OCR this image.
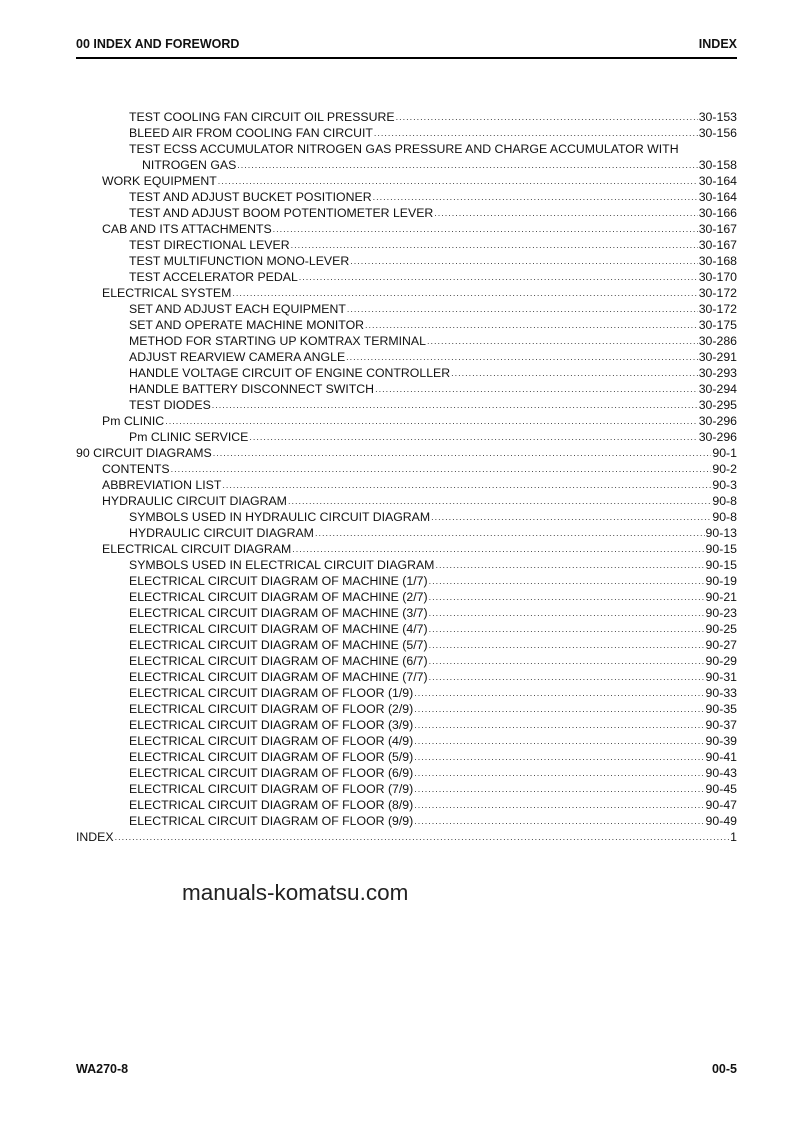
00 INDEX AND FOREWORD	INDEX
TEST COOLING FAN CIRCUIT OIL PRESSURE .....	30-153
BLEED AIR FROM COOLING FAN CIRCUIT .....	30-156
TEST ECSS ACCUMULATOR NITROGEN GAS PRESSURE AND CHARGE ACCUMULATOR WITH
NITROGEN GAS .....	30-158
WORK EQUIPMENT .....	30-164
TEST AND ADJUST BUCKET POSITIONER .....	30-164
TEST AND ADJUST BOOM POTENTIOMETER LEVER .....	30-166
CAB AND ITS ATTACHMENTS .....	30-167
TEST DIRECTIONAL LEVER .....	30-167
TEST MULTIFUNCTION MONO-LEVER .....	30-168
TEST ACCELERATOR PEDAL .....	30-170
ELECTRICAL SYSTEM .....	30-172
SET AND ADJUST EACH EQUIPMENT .....	30-172
SET AND OPERATE MACHINE MONITOR .....	30-175
METHOD FOR STARTING UP KOMTRAX TERMINAL .....	30-286
ADJUST REARVIEW CAMERA ANGLE .....	30-291
HANDLE VOLTAGE CIRCUIT OF ENGINE CONTROLLER .....	30-293
HANDLE BATTERY DISCONNECT SWITCH .....	30-294
TEST DIODES .....	30-295
Pm CLINIC .....	30-296
Pm CLINIC SERVICE .....	30-296
90 CIRCUIT DIAGRAMS .....	90-1
CONTENTS .....	90-2
ABBREVIATION LIST .....	90-3
HYDRAULIC CIRCUIT DIAGRAM .....	90-8
SYMBOLS USED IN HYDRAULIC CIRCUIT DIAGRAM .....	90-8
HYDRAULIC CIRCUIT DIAGRAM .....	90-13
ELECTRICAL CIRCUIT DIAGRAM .....	90-15
SYMBOLS USED IN ELECTRICAL CIRCUIT DIAGRAM .....	90-15
ELECTRICAL CIRCUIT DIAGRAM OF MACHINE (1/7) .....	90-19
ELECTRICAL CIRCUIT DIAGRAM OF MACHINE (2/7) .....	90-21
ELECTRICAL CIRCUIT DIAGRAM OF MACHINE (3/7) .....	90-23
ELECTRICAL CIRCUIT DIAGRAM OF MACHINE (4/7) .....	90-25
ELECTRICAL CIRCUIT DIAGRAM OF MACHINE (5/7) .....	90-27
ELECTRICAL CIRCUIT DIAGRAM OF MACHINE (6/7) .....	90-29
ELECTRICAL CIRCUIT DIAGRAM OF MACHINE (7/7) .....	90-31
ELECTRICAL CIRCUIT DIAGRAM OF FLOOR (1/9) .....	90-33
ELECTRICAL CIRCUIT DIAGRAM OF FLOOR (2/9) .....	90-35
ELECTRICAL CIRCUIT DIAGRAM OF FLOOR (3/9) .....	90-37
ELECTRICAL CIRCUIT DIAGRAM OF FLOOR (4/9) .....	90-39
ELECTRICAL CIRCUIT DIAGRAM OF FLOOR (5/9) .....	90-41
ELECTRICAL CIRCUIT DIAGRAM OF FLOOR (6/9) .....	90-43
ELECTRICAL CIRCUIT DIAGRAM OF FLOOR (7/9) .....	90-45
ELECTRICAL CIRCUIT DIAGRAM OF FLOOR (8/9) .....	90-47
ELECTRICAL CIRCUIT DIAGRAM OF FLOOR (9/9) .....	90-49
INDEX .....	1
manuals-komatsu.com
WA270-8	00-5
